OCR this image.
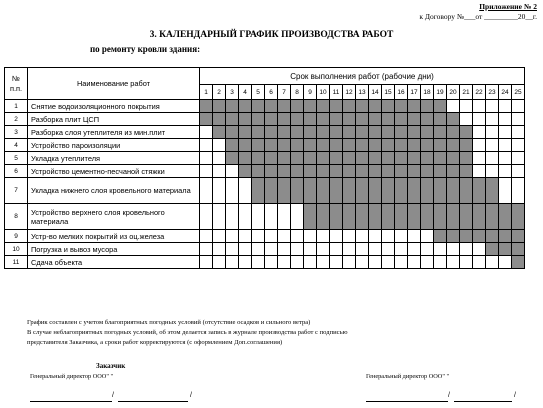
Приложение № 2
к Договору №___от _________20__г.
3. КАЛЕНДАРНЫЙ ГРАФИК ПРОИЗВОДСТВА РАБОТ
по ремонту кровли здания:
№ п.п.	Наименование работ	Срок выполнения работ (рабочие дни)																								
		1	2	3	4	5	6	7	8	9	10	11	12	13	14	15	16	17	18	19	20	21	22	23	24	25
1	Снятие водоизоляционного покрытия																									
2	Разборка плит ЦСП																									
3	Разборка слоя утеплителя из мин.плит																									
4	Устройство пароизоляции																									
5	Укладка утеплителя																									
6	Устройство цементно-песчаной стяжки																									
7	Укладка нижнего слоя кровельного материала																									
8	Устройство верхнего слоя кровельного материала																									
9	Устр-во мелких покрытий из оц.железа																									
10	Погрузка и вывоз мусора																									
11	Сдача объекта																									
График составлен с учетом благоприятных погодных условий (отсутствие осадков и сильного ветра)
В случае неблагоприятных погодных условий, об этом делается запись в журнале производства работ с подписью
представителя Заказчика, а сроки работ корректируются (с оформлением Доп.соглашения)
Заказчик
Генеральный директор ООО" "	Генеральный директор ООО" "
/	/	/	/
